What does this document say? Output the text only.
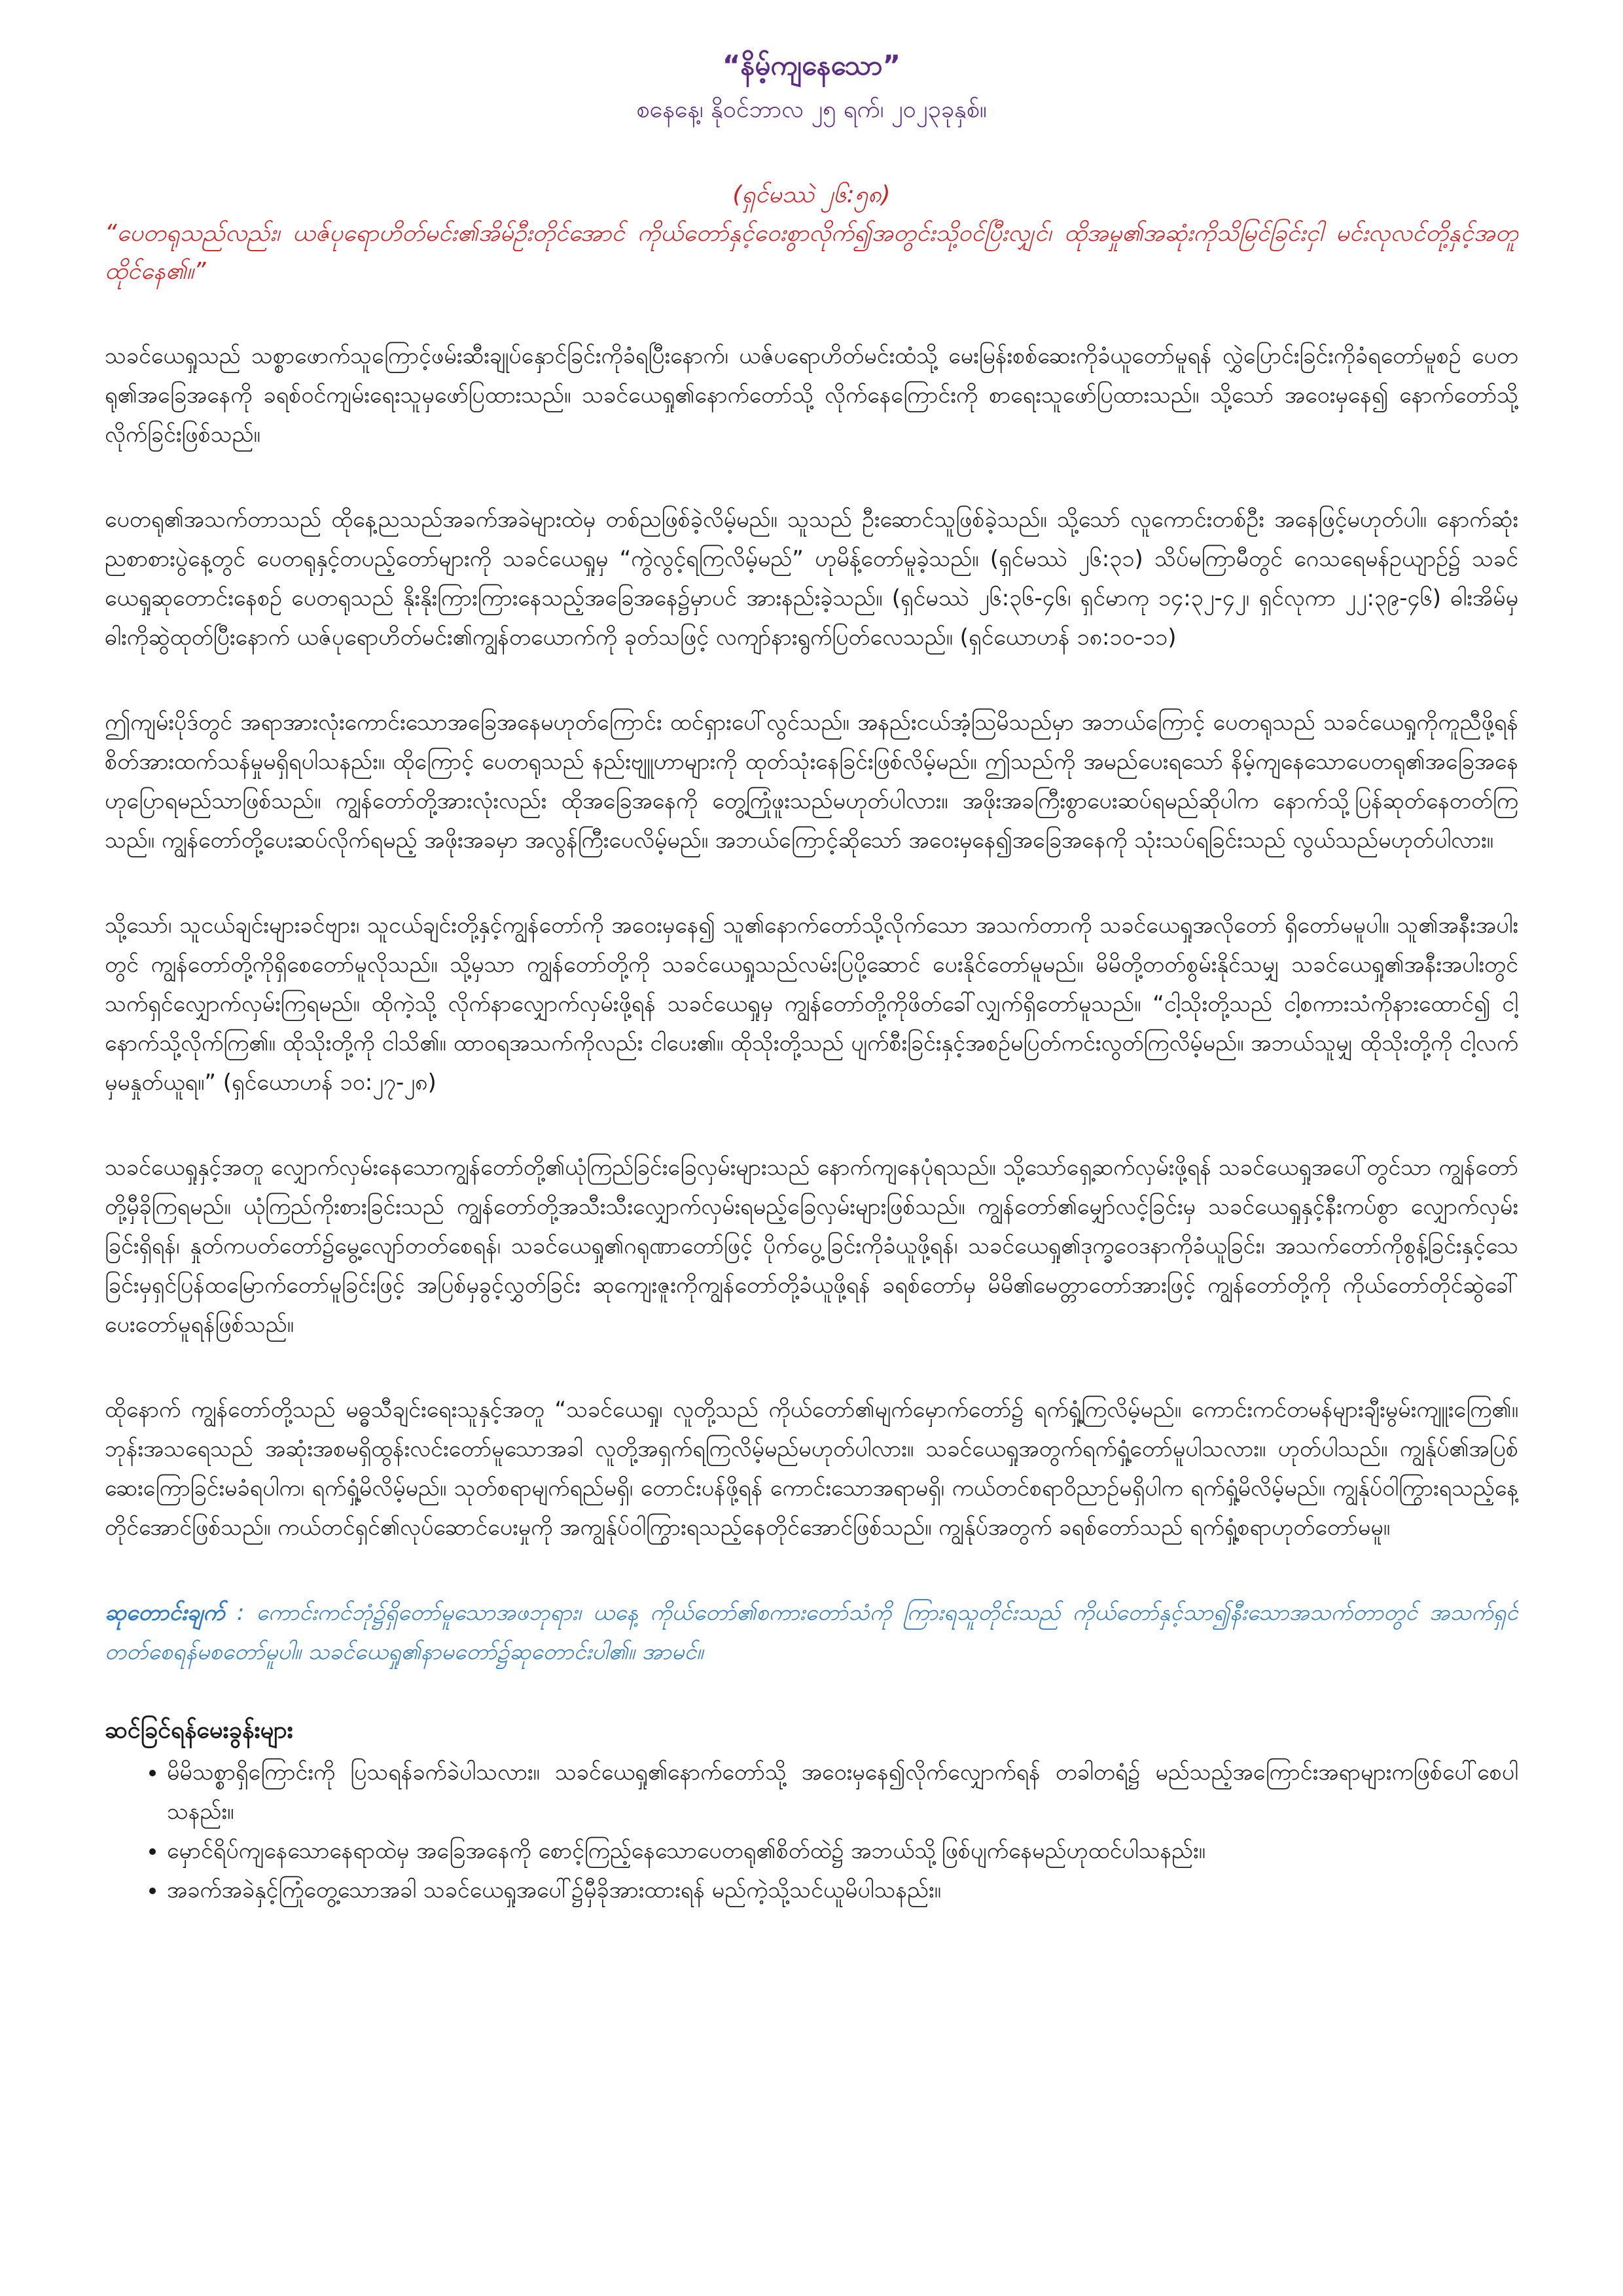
“နိမ့်ကျနေသော”

စနေနေ့၊ နိုဝင်ဘာလ ၂၅ ရက်၊ ၂၀၂၃ခုနှစ်။

(ရှင်မဿဲ ၂၆:၅၈)

“ပေတရုသည်လည်း၊ ယဇ်ပုရောဟိတ်မင်း၏အိမ်ဦးတိုင်အောင် ကိုယ်တော်နှင့်ဝေးစွာလိုက်၍အတွင်းသို့ဝင်ပြီးလျှင်၊ ထိုအမှု၏အဆုံးကိုသိမြင်ခြင်းငှါ မင်းလုလင်တို့နှင့်အတူထိုင်နေ၏။”

သခင်ယေရှုသည် သစ္စာဖောက်သူကြောင့်ဖမ်းဆီးချုပ်နှောင်ခြင်းကိုခံရပြီးနောက်၊ ယဇ်ပရောဟိတ်မင်းထံသို့ မေးမြန်းစစ်ဆေးကိုခံယူတော်မူရန် လွှဲပြောင်းခြင်းကိုခံရတော်မူစဉ် ပေတရု၏အခြေအနေကို ခရစ်ဝင်ကျမ်းရေးသူမှဖော်ပြထားသည်။ သခင်ယေရှု၏နောက်တော်သို့ လိုက်နေကြောင်းကို စာရေးသူဖော်ပြထားသည်။ သို့သော် အဝေးမှနေ၍ နောက်တော်သို့လိုက်ခြင်းဖြစ်သည်။

ပေတရု၏အသက်တာသည် ထိုနေ့ညသည်အခက်အခဲများထဲမှ တစ်ညဖြစ်ခဲ့လိမ့်မည်။ သူသည် ဦးဆောင်သူဖြစ်ခဲ့သည်။ သို့သော် လူကောင်းတစ်ဦး အနေဖြင့်မဟုတ်ပါ။ နောက်ဆုံးညစာစားပွဲနေ့တွင် ပေတရုနှင့်တပည့်တော်များကို သခင်ယေရှုမှ “ကွဲလွင့်ရကြလိမ့်မည်” ဟုမိန့်တော်မူခဲ့သည်။ (ရှင်မဿဲ ၂၆:၃၁) သိပ်မကြာမီတွင် ဂေသရေမန်ဥယျာဉ်၌ သခင်ယေရှုဆုတောင်းနေစဉ် ပေတရုသည် နိုးနိုးကြားကြားနေသည့်အခြေအနေ၌မှာပင် အားနည်းခဲ့သည်။ (ရှင်မဿဲ ၂၆:၃၆-၄၆၊ ရှင်မာကု ၁၄:၃၂-၄၂၊ ရှင်လုကာ ၂၂:၃၉-၄၆) ဓါးအိမ်မှ ဓါးကိုဆွဲထုတ်ပြီးနောက် ယဇ်ပုရောဟိတ်မင်း၏ကျွန်တယောက်ကို ခုတ်သဖြင့် လကျာ်နားရွက်ပြတ်လေသည်။ (ရှင်ယောဟန် ၁၈:၁၀-၁၁)

ဤကျမ်းပိုဒ်တွင် အရာအားလုံးကောင်းသောအခြေအနေမဟုတ်ကြောင်း ထင်ရှားပေါ်လွင်သည်။ အနည်းငယ်အံ့ဩမိသည်မှာ အဘယ်ကြောင့် ပေတရုသည် သခင်ယေရှုကိုကူညီဖို့ရန် စိတ်အားထက်သန်မှုမရှိရပါသနည်း။ ထိုကြောင့် ပေတရုသည် နည်းဗျူဟာများကို ထုတ်သုံးနေခြင်းဖြစ်လိမ့်မည်။ ဤသည်ကို အမည်ပေးရသော် နိမ့်ကျနေသောပေတရု၏အခြေအနေဟုပြောရမည်သာဖြစ်သည်။ ကျွန်တော်တို့အားလုံးလည်း ထိုအခြေအနေကို တွေ့ကြုံဖူးသည်မဟုတ်ပါလား။ အဖိုးအခကြီးစွာပေးဆပ်ရမည်ဆိုပါက နောက်သို့ပြန်ဆုတ်နေတတ်ကြသည်။ ကျွန်တော်တို့ပေးဆပ်လိုက်ရမည့် အဖိုးအခမှာ အလွန်ကြီးပေလိမ့်မည်။ အဘယ်ကြောင့်ဆိုသော် အဝေးမှနေ၍အခြေအနေကို သုံးသပ်ရခြင်းသည် လွယ်သည်မဟုတ်ပါလား။

သို့သော်၊ သူငယ်ချင်းများခင်ဗျား၊ သူငယ်ချင်းတို့နှင့်ကျွန်တော်ကို အဝေးမှနေ၍ သူ၏နောက်တော်သို့လိုက်သော အသက်တာကို သခင်ယေရှုအလိုတော် ရှိတော်မမူပါ။ သူ၏အနီးအပါးတွင် ကျွန်တော်တို့ကိုရှိစေတော်မူလိုသည်။ သို့မှသာ ကျွန်တော်တို့ကို သခင်ယေရှုသည်လမ်းပြပို့ဆောင် ပေးနိုင်တော်မူမည်။ မိမိတို့တတ်စွမ်းနိုင်သမျှ သခင်ယေရှု၏အနီးအပါးတွင် သက်ရှင်လျှောက်လှမ်းကြရမည်။ ထိုကဲ့သို့ လိုက်နာလျှောက်လှမ်းဖို့ရန် သခင်ယေရှုမှ ကျွန်တော်တို့ကိုဖိတ်ခေါ်လျှက်ရှိတော်မူသည်။ “ငါ့သိုးတို့သည် ငါ့စကားသံကိုနားထောင်၍ ငါ့နောက်သို့လိုက်ကြ၏။ ထိုသိုးတို့ကို ငါသိ၏။ ထာဝရအသက်ကိုလည်း ငါပေး၏။ ထိုသိုးတို့သည် ပျက်စီးခြင်းနှင့်အစဉ်မပြတ်ကင်းလွတ်ကြလိမ့်မည်။ အဘယ်သူမျှ ထိုသိုးတို့ကို ငါ့လက်မှမနှုတ်ယူရ။” (ရှင်ယောဟန် ၁၀:၂၇-၂၈)

သခင်ယေရှုနှင့်အတူ လျှောက်လှမ်းနေသောကျွန်တော်တို့၏ယုံကြည်ခြင်းခြေလှမ်းများသည် နောက်ကျနေပုံရသည်။ သို့သော်ရှေ့ဆက်လှမ်းဖို့ရန် သခင်ယေရှုအပေါ်တွင်သာ ကျွန်တော်တို့မှီခိုကြရမည်။ ယုံကြည်ကိုးစားခြင်းသည် ကျွန်တော်တို့အသီးသီးလျှောက်လှမ်းရမည့်ခြေလှမ်းများဖြစ်သည်။ ကျွန်တော်၏မျှော်လင့်ခြင်းမှ သခင်ယေရှုနှင့်နီးကပ်စွာ လျှောက်လှမ်းခြင်းရှိရန်၊ နှုတ်ကပတ်တော်၌မွေ့လျော်တတ်စေရန်၊ သခင်ယေရှု၏ဂရုဏာတော်ဖြင့် ပိုက်ပွေ့ခြင်းကိုခံယူဖို့ရန်၊ သခင်ယေရှု၏ဒုက္ခဝေဒနာကိုခံယူခြင်း၊ အသက်တော်ကိုစွန့်ခြင်းနှင့်သေခြင်းမှရှင်ပြန်ထမြောက်တော်မူခြင်းဖြင့် အပြစ်မှခွင့်လွှတ်ခြင်း ဆုကျေးဇူးကိုကျွန်တော်တို့ခံယူဖို့ရန် ခရစ်တော်မှ မိမိ၏မေတ္တာတော်အားဖြင့် ကျွန်တော်တို့ကို ကိုယ်တော်တိုင်ဆွဲခေါ်ပေးတော်မူရန်ဖြစ်သည်။

ထိုနောက် ကျွန်တော်တို့သည် မဓ္ဓသီချင်းရေးသူနှင့်အတူ “သခင်ယေရှု၊ လူတို့သည် ကိုယ်တော်၏မျက်မှောက်တော်၌ ရက်ရှုံ့ကြလိမ့်မည်။ ကောင်းကင်တမန်များချီးမွမ်းကျူးကြေ၏။ ဘုန်းအသရေသည် အဆုံးအစမရှိထွန်းလင်းတော်မူသောအခါ လူတို့အရှက်ရကြလိမ့်မည်မဟုတ်ပါလား။ သခင်ယေရှုအတွက်ရက်ရှုံ့တော်မူပါသလား။ ဟုတ်ပါသည်။ ကျွန်ုပ်၏အပြစ်ဆေးကြောခြင်းမခံရပါက၊ ရက်ရှုံ့မိလိမ့်မည်။ သုတ်စရာမျက်ရည်မရှိ၊ တောင်းပန်ဖို့ရန် ကောင်းသောအရာမရှိ၊ ကယ်တင်စရာဝိညာဉ်မရှိပါက ရက်ရှုံ့မိလိမ့်မည်။ ကျွန်ုပ်ဝါကြွားရသည့်နေ့တိုင်အောင်ဖြစ်သည်။ ကယ်တင်ရှင်၏လုပ်ဆောင်ပေးမှုကို အကျွန်ုပ်ဝါကြွားရသည့်နေတိုင်အောင်ဖြစ်သည်။ ကျွန်ုပ်အတွက် ခရစ်တော်သည် ရက်ရှုံ့စရာဟုတ်တော်မမူ။

ဆုတောင်းချက် : ကောင်းကင်ဘုံ၌ရှိတော်မူသောအဖဘုရား၊ ယနေ့ ကိုယ်တော်၏စကားတော်သံကို ကြားရသူတိုင်းသည် ကိုယ်တော်နှင့်သာ၍နီးသောအသက်တာတွင် အသက်ရှင်တတ်စေရန်မစတော်မူပါ။ သခင်ယေရှု၏နာမတော်၌ဆုတောင်းပါ၏။ အာမင်။

ဆင်ခြင်ရန်မေးခွန်းများ

• မိမိသစ္စာရှိကြောင်းကို ပြသရန်ခက်ခဲပါသလား။ သခင်ယေရှု၏နောက်တော်သို့ အဝေးမှနေ၍လိုက်လျှောက်ရန် တခါတရံ၌ မည်သည့်အကြောင်းအရာများကဖြစ်ပေါ်စေပါသနည်း။
• မှောင်ရိပ်ကျနေသောနေရာထဲမှ အခြေအနေကို စောင့်ကြည့်နေသောပေတရု၏စိတ်ထဲ၌ အဘယ်သို့ဖြစ်ပျက်နေမည်ဟုထင်ပါသနည်း။
• အခက်အခဲနှင့်ကြုံတွေ့သောအခါ သခင်ယေရှုအပေါ်၌မှီခိုအားထားရန် မည်ကဲ့သို့သင်ယူမိပါသနည်း။
